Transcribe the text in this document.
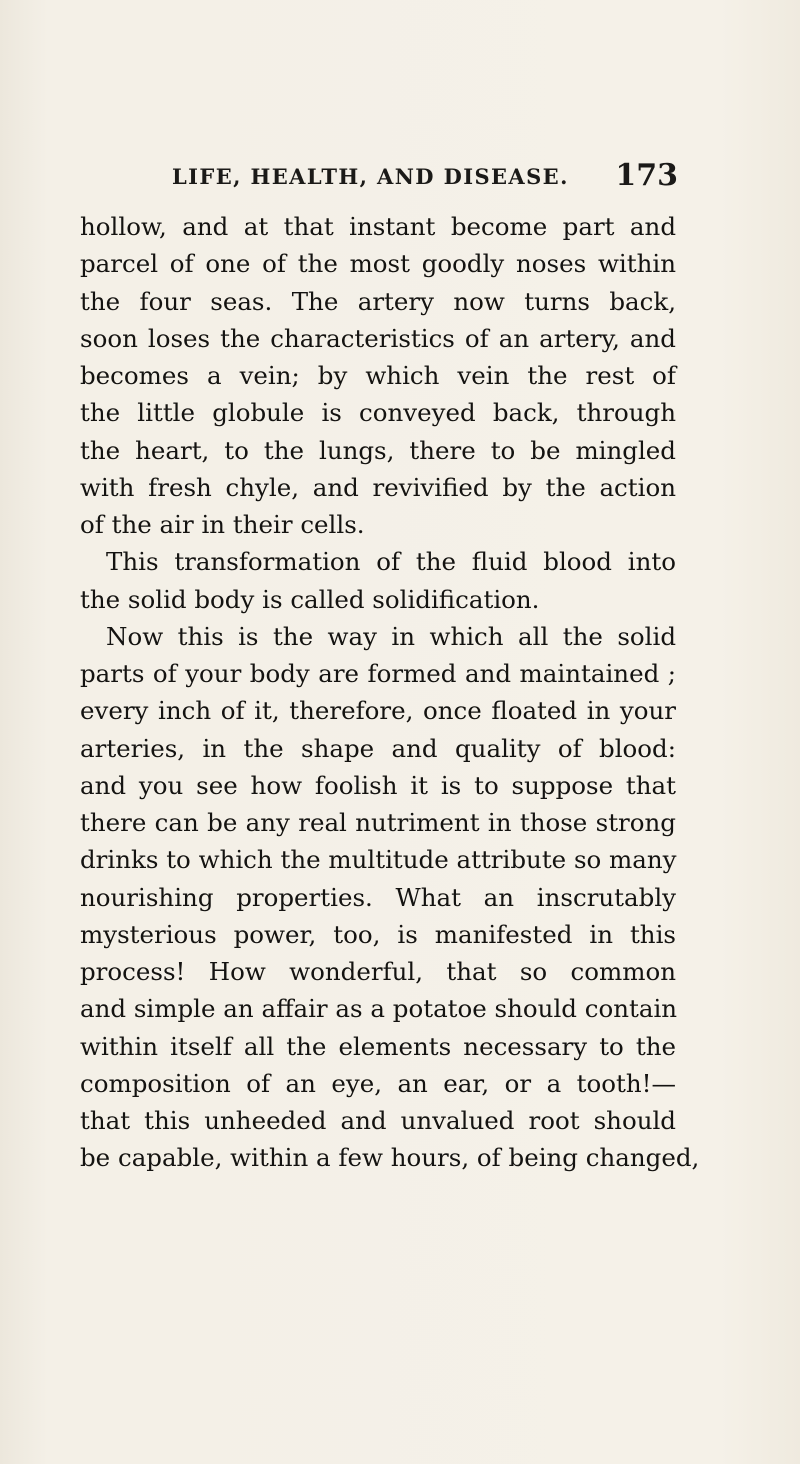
LIFE, HEALTH, AND DISEASE. 173
hollow, and at that instant become part and
parcel of one of the most goodly noses within
the four seas. The artery now turns back,
soon loses the characteristics of an artery, and
becomes a vein; by which vein the rest of
the little globule is conveyed back, through
the heart, to the lungs, there to be mingled
with fresh chyle, and revivified by the action
of the air in their cells.
This transformation of the fluid blood into
the solid body is called solidification.
Now this is the way in which all the solid
parts of your body are formed and maintained ;
every inch of it, therefore, once floated in your
arteries, in the shape and quality of blood:
and you see how foolish it is to suppose that
there can be any real nutriment in those strong
drinks to which the multitude attribute so many
nourishing properties. What an inscrutably
mysterious power, too, is manifested in this
process! How wonderful, that so common
and simple an affair as a potatoe should contain
within itself all the elements necessary to the
composition of an eye, an ear, or a tooth!—
that this unheeded and unvalued root should
be capable, within a few hours, of being changed,
